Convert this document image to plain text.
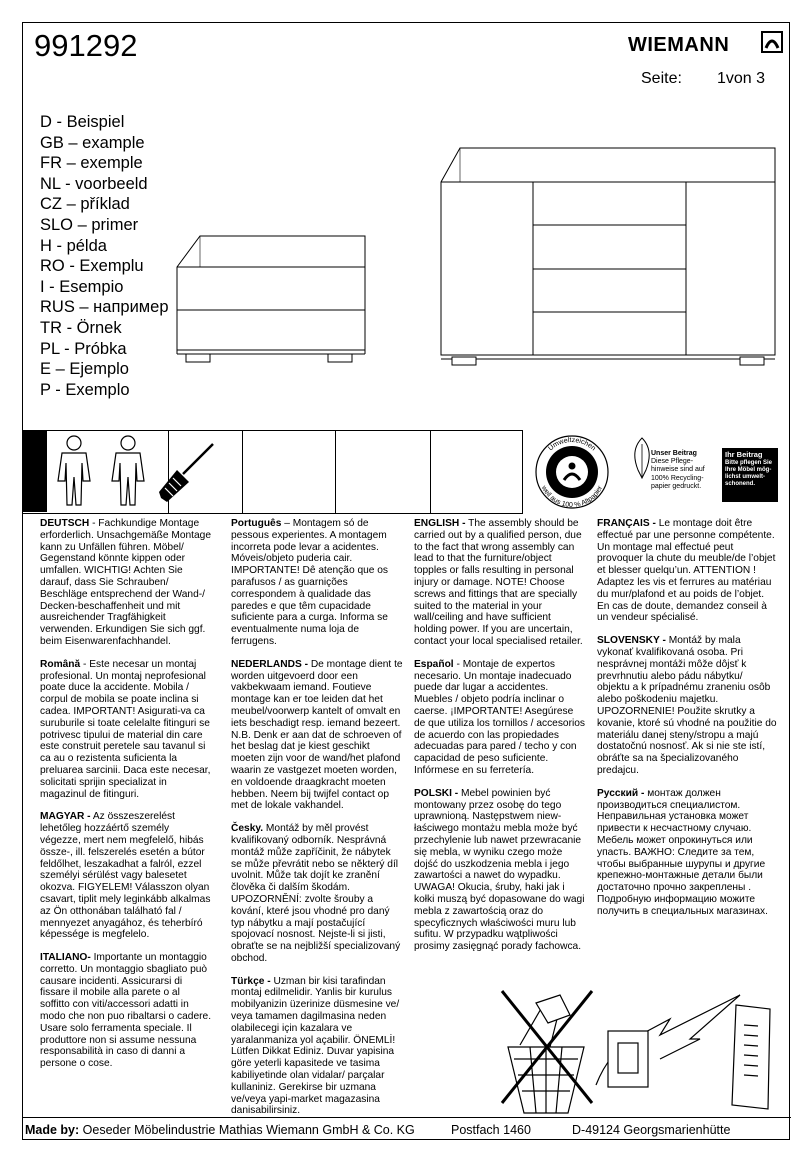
991292	WIEMANN
Seite: 1von 3
D - Beispiel
GB – example
FR – exemple
NL - voorbeeld
CZ – příklad
SLO – primer
H - példa
RO - Exemplu
I - Esempio
RUS – например
TR - Örnek
PL - Próbka
E – Ejemplo
P - Exemplo
Umweltzeichen
weil aus 100 % Altpapier
Unser Beitrag
Diese Pflege-hinweise sind auf 100% Recycling-papier gedruckt.
Ihr Beitrag
Bitte pflegen Sie Ihre Möbel mög-lichst umwelt-schonend.

DEUTSCH - Fachkundige Montage erforderlich. Unsachgemäße Montage kann zu Unfällen führen. Möbel/ Gegenstand könnte kippen oder umfallen. WICHTIG! Achten Sie darauf, dass Sie Schrauben/ Beschläge entsprechend der Wand-/ Decken-beschaffenheit und mit ausreichender Tragfähigkeit verwenden. Erkundigen Sie sich ggf. beim Eisenwarenfachhandel.

Română - Este necesar un montaj profesional. Un montaj neprofesional poate duce la accidente. Mobila / corpul de mobila se poate inclina si cadea. IMPORTANT! Asigurati-va ca suruburile si toate celelalte fitinguri se potrivesc tipului de material din care este construit peretele sau tavanul si ca au o rezistenta suficienta la preluarea sarcinii. Daca este necesar, solicitati sprijin specializat in magazinul de fitinguri.

MAGYAR - Az összeszerelést lehetőleg hozzáértő személy végezze, mert nem megfelelő, hibás össze-, ill. felszerelés esetén a bútor feldőlhet, leszakadhat a falról, ezzel személyi sérülést vagy balesetet okozva. FIGYELEM! Válasszon olyan csavart, tiplit mely leginkább alkalmas az Ön otthonában található fal / mennyezet anyagához, és teherbíró képessége is megfelelo.

ITALIANO- Importante un montaggio corretto. Un montaggio sbagliato può causare incidenti. Assicurarsi di fissare il mobile alla parete o al soffitto con viti/accessori adatti in modo che non puo ribaltarsi o cadere. Usare solo ferramenta speciale. Il produttore non si assume nessuna responsabilità in caso di danni a persone o cose.

Português – Montagem só de pessous experientes. A montagem incorreta pode levar a acidentes. Móveis/objeto puderia cair. IMPORTANTE! Dê atenção que os parafusos / as guarnições correspondem à qualidade das paredes e que têm cupacidade suficiente para a curga. Informa se eventualmente numa loja de ferrugens.

NEDERLANDS - De montage dient te worden uitgevoerd door een vakbekwaam iemand. Foutieve montage kan er toe leiden dat het meubel/voorwerp kantelt of omvalt en iets beschadigt resp. iemand bezeert. N.B. Denk er aan dat de schroeven of het beslag dat je kiest geschikt moeten zijn voor de wand/het plafond waarin ze vastgezet moeten worden, en voldoende draagkracht moeten hebben. Neem bij twijfel contact op met de lokale vakhandel.

Česky. Montáž by měl provést kvalifikovaný odborník. Nesprávná montáž může zapříčinit, že nábytek se může převrátit nebo se některý díl uvolnit. Může tak dojít ke zranění člověka či dalším škodám. UPOZORNĚNÍ: zvolte šrouby a kování, které jsou vhodné pro daný typ nábytku a mají postačující spojovací nosnost. Nejste-li si jisti, obraťte se na nejbližší specializovaný obchod.

Türkçe - Uzman bir kisi tarafindan montaj edilmelidir. Yanlis bir kurulus mobilyanizin üzerinize düsmesine ve/ veya tamamen dagilmasina neden olabilecegi için kazalara ve yaralanmaniza yol açabilir. ÖNEMLİ! Lütfen Dikkat Ediniz. Duvar yapisina göre yeterli kapasitede ve tasima kabiliyetinde olan vidalar/ parçalar kullaniniz. Gerekirse bir uzmana ve/veya yapi-market magazasina danisabilirsiniz.

ENGLISH - The assembly should be carried out by a qualified person, due to the fact that wrong assembly can lead to that the furniture/object topples or falls resulting in personal injury or damage. NOTE! Choose screws and fittings that are specially suited to the material in your wall/ceiling and have sufficient holding power. If you are uncertain, contact your local specialised retailer.

Español - Montaje de expertos necesario. Un montaje inadecuado puede dar lugar a accidentes. Muebles / objeto podría inclinar o caerse. ¡IMPORTANTE! Asegúrese de que utiliza los tornillos / accesorios de acuerdo con las propiedades adecuadas para pared / techo y con capacidad de peso suficiente. Infórmese en su ferretería.

POLSKI - Mebel powinien być montowany przez osobę do tego uprawnioną. Następstwem niew-łaściwego montażu mebla może być przechylenie lub nawet przewracanie się mebla, w wyniku czego może dojść do uszkodzenia mebla i jego zawartości a nawet do wypadku. UWAGA! Okucia, śruby, haki jak i kołki muszą być dopasowane do wagi mebla z zawartością oraz do specyficznych właściwości muru lub sufitu. W przypadku wątpliwości prosimy zasięgnąć porady fachowca.

FRANÇAIS - Le montage doit être effectué par une personne compétente. Un montage mal effectué peut provoquer la chute du meuble/de l’objet et blesser quelqu’un. ATTENTION ! Adaptez les vis et ferrures au matériau du mur/plafond et au poids de l’objet. En cas de doute, demandez conseil à un vendeur spécialisé.

SLOVENSKY - Montáž by mala vykonať kvalifikovaná osoba. Pri nesprávnej montáži môže dôjsť k prevrhnutiu alebo pádu nábytku/ objektu a k prípadnému zraneniu osôb alebo poškodeniu majetku. UPOZORNENIE! Použite skrutky a kovanie, ktoré sú vhodné na použitie do materiálu danej steny/stropu a majú dostatočnú nosnosť. Ak si nie ste istí, obráťte sa na špecializovaného predajcu.

Русский - монтаж должен производиться специалистом. Неправильная установка может привести к несчастному случаю. Мебель может опрокинуться или упасть. ВАЖНО: Следите за тем, чтобы выбранные шурупы и другие крепежно-монтажные детали были достаточно прочно закреплены . Подробную информацию можите получить в специальных магазинах.

Made by: Oeseder Möbelindustrie Mathias Wiemann GmbH & Co. KG	Postfach 1460	D-49124 Georgsmarienhütte
